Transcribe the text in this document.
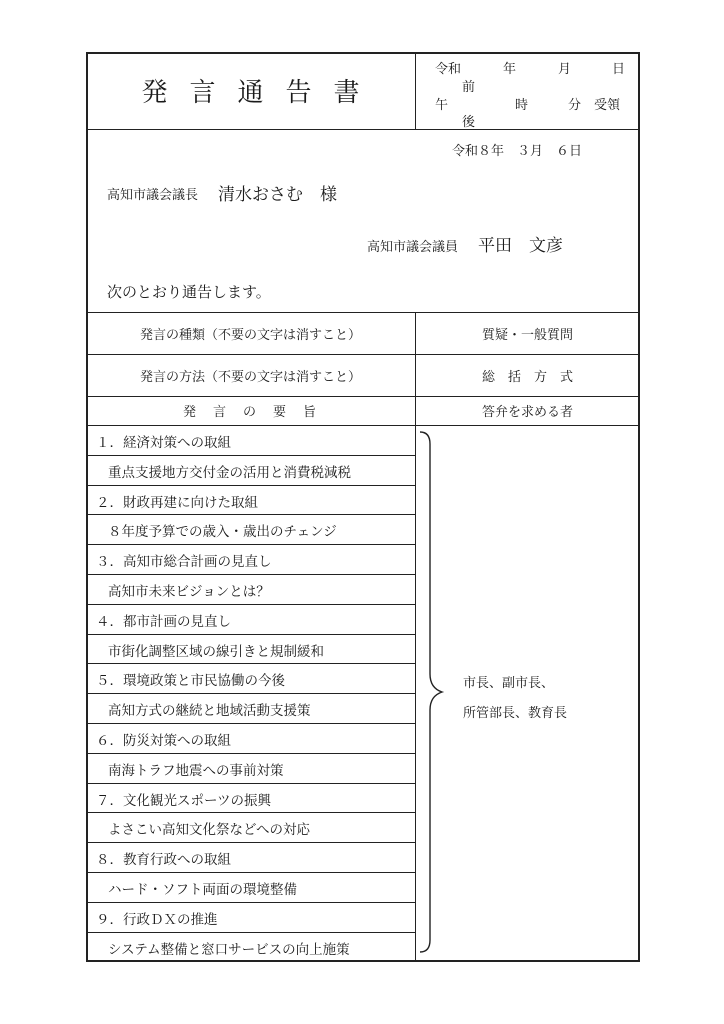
発言通告書
令和	年	月	日
前
午	時	分 受領
後
令和８年　３月　６日
高知市議会議長 清水おさむ　様
高知市議会議員 平田　文彦
次のとおり通告します。
発言の種類（不要の文字は消すこと）	質疑・一般質問
発言の方法（不要の文字は消すこと）	総　括　方　式
発　言　の　要　旨	答弁を求める者
１．経済対策への取組
重点支援地方交付金の活用と消費税減税
２．財政再建に向けた取組
８年度予算での歳入・歳出のチェンジ
３．高知市総合計画の見直し
高知市未来ビジョンとは？
４．都市計画の見直し
市街化調整区域の線引きと規制緩和
５．環境政策と市民協働の今後
高知方式の継続と地域活動支援策
６．防災対策への取組
南海トラフ地震への事前対策
７．文化観光スポーツの振興
よさこい高知文化祭などへの対応
８．教育行政への取組
ハード・ソフト両面の環境整備
９．行政ＤＸの推進
システム整備と窓口サービスの向上施策
市長、副市長、
所管部長、教育長
